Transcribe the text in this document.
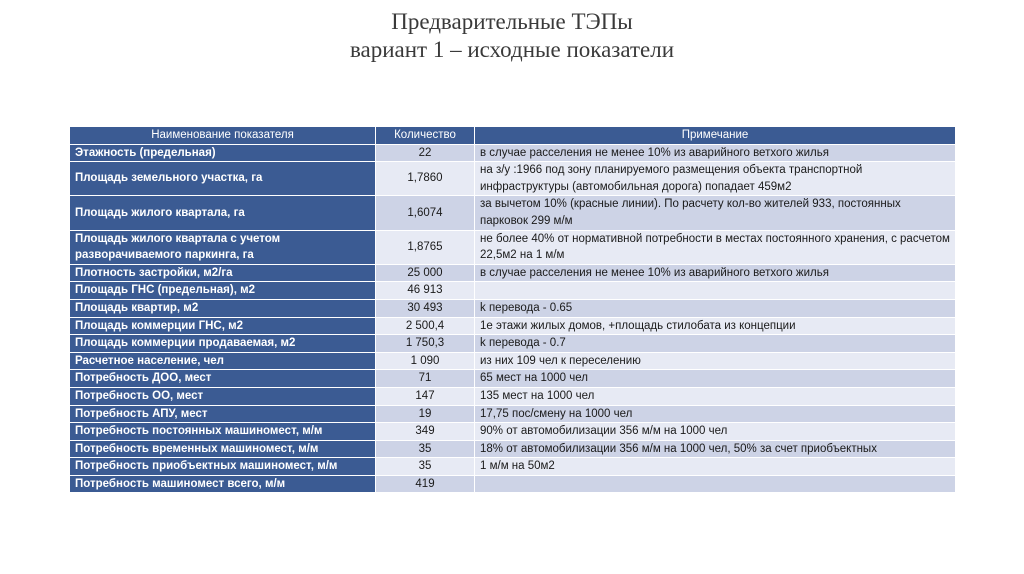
Предварительные ТЭПы
вариант 1 – исходные показатели
Наименование показателя	Количество	Примечание
Этажность (предельная)	22	в случае расселения не менее 10% из аварийного ветхого жилья
Площадь земельного участка, га	1,7860	на з/у :1966 под зону планируемого размещения объекта транспортной инфраструктуры (автомобильная дорога) попадает 459м2
Площадь жилого квартала, га	1,6074	за вычетом 10% (красные линии). По расчету кол-во жителей 933, постоянных парковок 299 м/м
Площадь жилого квартала с учетом разворачиваемого паркинга, га	1,8765	не более 40% от нормативной потребности в местах постоянного хранения, с расчетом 22,5м2 на 1 м/м
Плотность застройки, м2/га	25 000	в случае расселения не менее 10% из аварийного ветхого жилья
Площадь ГНС (предельная), м2	46 913	
Площадь квартир, м2	30 493	k перевода - 0.65
Площадь коммерции ГНС, м2	2 500,4	1е этажи жилых домов, +площадь стилобата из концепции
Площадь коммерции продаваемая, м2	1 750,3	k перевода - 0.7
Расчетное население, чел	1 090	из них 109 чел к переселению
Потребность ДОО, мест	71	65 мест на 1000 чел
Потребность ОО, мест	147	135 мест на 1000 чел
Потребность АПУ, мест	19	17,75 пос/смену на 1000 чел
Потребность постоянных машиномест, м/м	349	90% от автомобилизации 356 м/м на 1000 чел
Потребность временных машиномест, м/м	35	18% от автомобилизации 356 м/м на 1000 чел, 50% за счет приобъектных
Потребность приобъектных машиномест, м/м	35	1 м/м на 50м2
Потребность машиномест всего, м/м	419	
